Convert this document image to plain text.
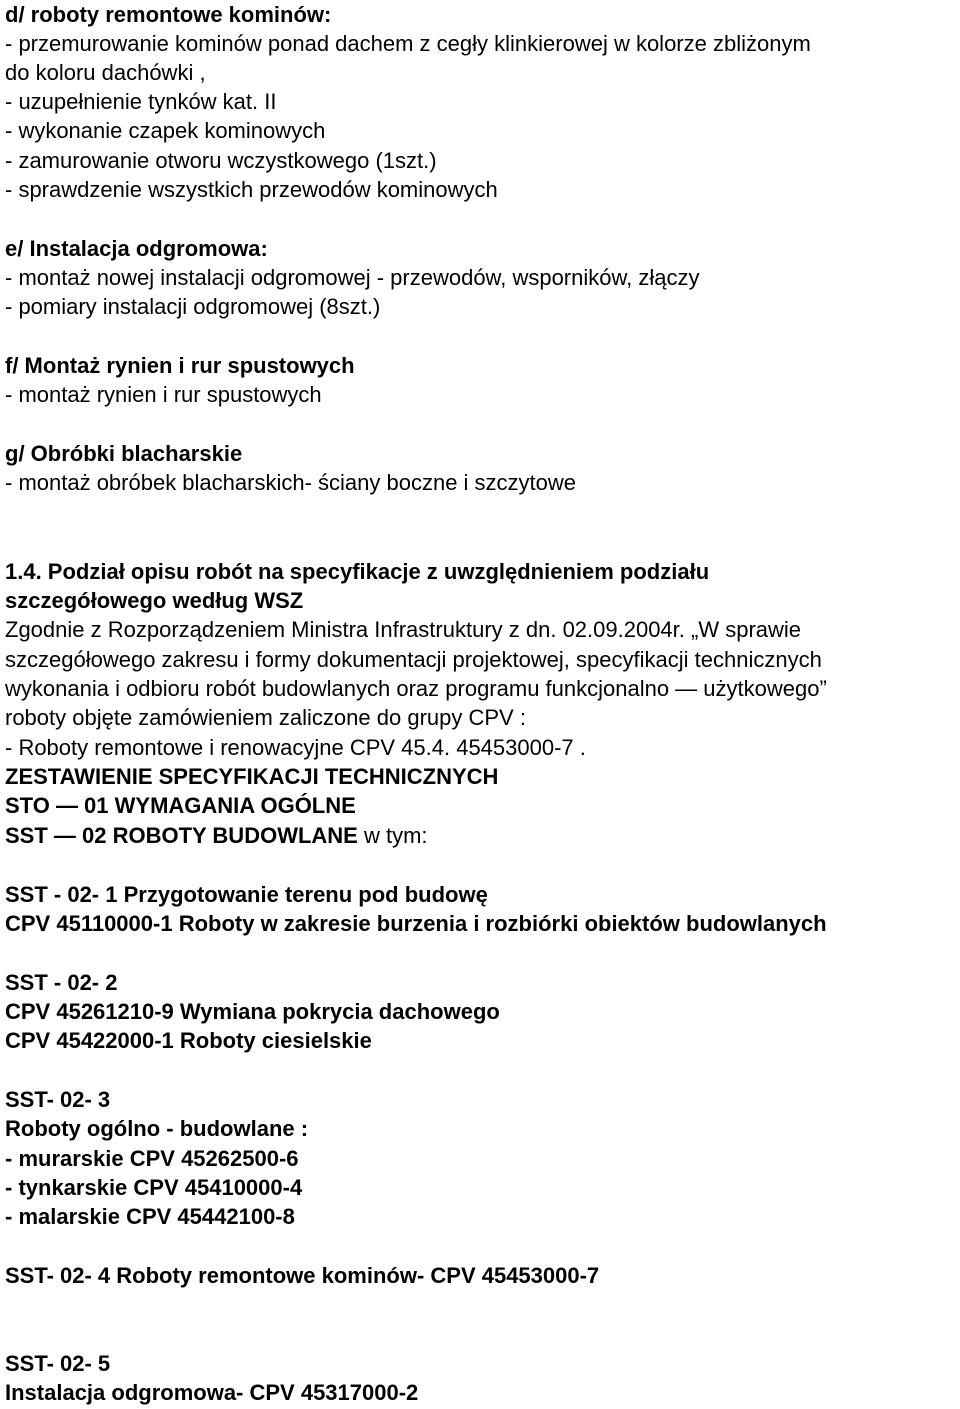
d/ roboty remontowe kominów:
- przemurowanie kominów ponad dachem z cegły klinkierowej w kolorze zbliżonym
do koloru dachówki ,
- uzupełnienie tynków kat. II
- wykonanie czapek kominowych
- zamurowanie otworu wczystkowego (1szt.)
- sprawdzenie wszystkich przewodów kominowych
e/ Instalacja odgromowa:
- montaż nowej instalacji odgromowej - przewodów, wsporników, złączy
- pomiary instalacji odgromowej (8szt.)
f/ Montaż rynien i rur spustowych
- montaż rynien i rur spustowych
g/ Obróbki blacharskie
- montaż obróbek blacharskich- ściany boczne i szczytowe
1.4. Podział opisu robót na specyfikacje z uwzględnieniem podziału
szczegółowego według WSZ
Zgodnie z Rozporządzeniem Ministra Infrastruktury z dn. 02.09.2004r. „W sprawie
szczegółowego zakresu i formy dokumentacji projektowej, specyfikacji technicznych
wykonania i odbioru robót budowlanych oraz programu funkcjonalno — użytkowego”
roboty objęte zamówieniem zaliczone do grupy CPV :
- Roboty remontowe i renowacyjne CPV 45.4. 45453000-7 .
ZESTAWIENIE SPECYFIKACJI TECHNICZNYCH
STO — 01 WYMAGANIA OGÓLNE
SST — 02 ROBOTY BUDOWLANE w tym:
SST - 02- 1 Przygotowanie terenu pod budowę
CPV 45110000-1 Roboty w zakresie burzenia i rozbiórki obiektów budowlanych
SST - 02- 2
CPV 45261210-9 Wymiana pokrycia dachowego
CPV 45422000-1 Roboty ciesielskie
SST- 02- 3
Roboty ogólno - budowlane :
- murarskie CPV 45262500-6
- tynkarskie CPV 45410000-4
- malarskie CPV 45442100-8
SST- 02- 4 Roboty remontowe kominów- CPV 45453000-7
SST- 02- 5
Instalacja odgromowa- CPV 45317000-2
